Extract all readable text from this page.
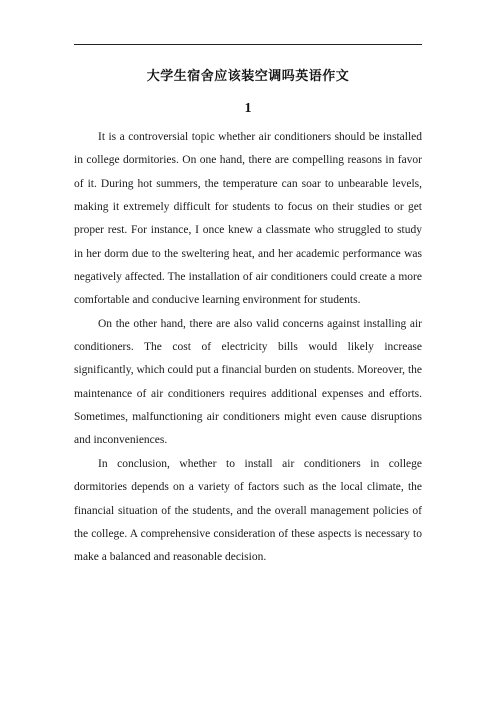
大学生宿舍应该装空调吗英语作文
1

It is a controversial topic whether air conditioners should be installed in college dormitories. On one hand, there are compelling reasons in favor of it. During hot summers, the temperature can soar to unbearable levels, making it extremely difficult for students to focus on their studies or get proper rest. For instance, I once knew a classmate who struggled to study in her dorm due to the sweltering heat, and her academic performance was negatively affected. The installation of air conditioners could create a more comfortable and conducive learning environment for students.

On the other hand, there are also valid concerns against installing air conditioners. The cost of electricity bills would likely increase significantly, which could put a financial burden on students. Moreover, the maintenance of air conditioners requires additional expenses and efforts. Sometimes, malfunctioning air conditioners might even cause disruptions and inconveniences.

In conclusion, whether to install air conditioners in college dormitories depends on a variety of factors such as the local climate, the financial situation of the students, and the overall management policies of the college. A comprehensive consideration of these aspects is necessary to make a balanced and reasonable decision.
